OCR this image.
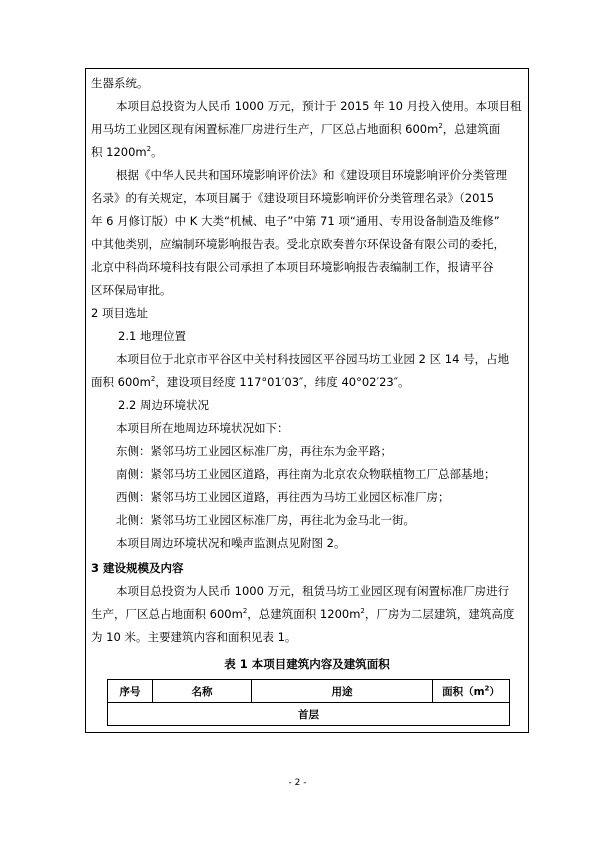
生器系统。
本项目总投资为人民币 1000 万元，预计于 2015 年 10 月投入使用。本项目租
用马坊工业园区现有闲置标准厂房进行生产，厂区总占地面积 $600m^2$，总建筑面
积 $1200m^2$。
根据《中华人民共和国环境影响评价法》和《建设项目环境影响评价分类管理
名录》的有关规定，本项目属于《建设项目环境影响评价分类管理名录》（2015
年 6 月修订版）中 K 大类“机械、电子”中第 71 项“通用、专用设备制造及维修”
中其他类别，应编制环境影响报告表。受北京欧奏普尔环保设备有限公司的委托，
北京中科尚环境科技有限公司承担了本项目环境影响报告表编制工作，报请平谷
区环保局审批。
2 项目选址
2.1 地理位置
本项目位于北京市平谷区中关村科技园区平谷园马坊工业园 2 区 14 号，占地
面积 $600m^2$，建设项目经度 117°01′03″，纬度 40°02′23″。
2.2 周边环境状况
本项目所在地周边环境状况如下：
东侧：紧邻马坊工业园区标准厂房，再往东为金平路；
南侧：紧邻马坊工业园区道路，再往南为北京农众物联植物工厂总部基地；
西侧：紧邻马坊工业园区道路，再往西为马坊工业园区标准厂房；
北侧：紧邻马坊工业园区标准厂房，再往北为金马北一街。
本项目周边环境状况和噪声监测点见附图 2。
3 建设规模及内容
本项目总投资为人民币 1000 万元，租赁马坊工业园区现有闲置标准厂房进行
生产，厂区总占地面积 $600m^2$，总建筑面积 $1200m^2$，厂房为二层建筑，建筑高度
为 10 米。主要建筑内容和面积见表 1。
表 1 本项目建筑内容及建筑面积
序号	名称	用途	面积$(m^2)$
首层
- 2 -
